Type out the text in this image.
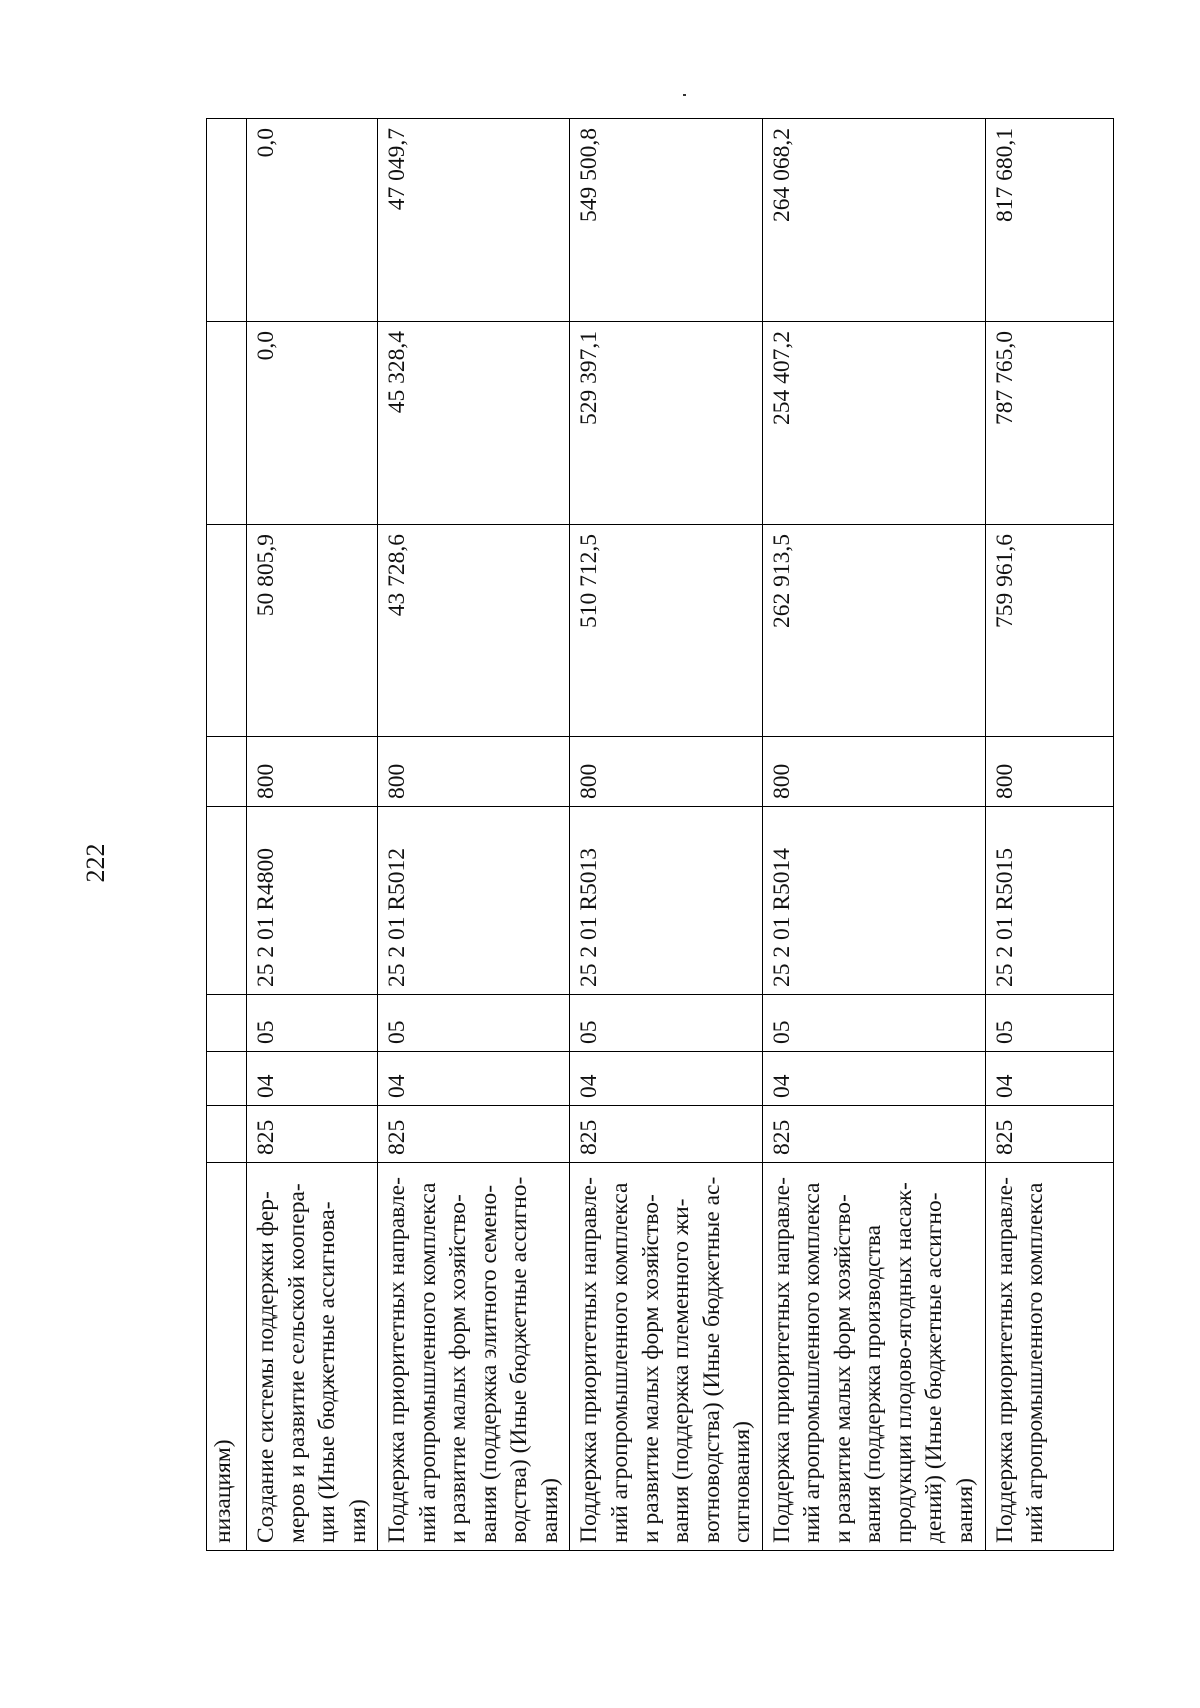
222
низациям)								
Создание системы поддержки фер-меров и развитие сельской коопера-ции (Иные бюджетные ассигнова-ния)	825	04	05	25 2 01 R4800	800	50 805,9	0,0	0,0
Поддержка приоритетных направле-ний агропромышленного комплекса и развитие малых форм хозяйство-вания (поддержка элитного семено-водства) (Иные бюджетные ассигно-вания)	825	04	05	25 2 01 R5012	800	43 728,6	45 328,4	47 049,7
Поддержка приоритетных направле-ний агропромышленного комплекса и развитие малых форм хозяйство-вания (поддержка племенного жи-вотноводства) (Иные бюджетные ас-сигнования)	825	04	05	25 2 01 R5013	800	510 712,5	529 397,1	549 500,8
Поддержка приоритетных направле-ний агропромышленного комплекса и развитие малых форм хозяйство-вания (поддержка производства продукции плодово-ягодных насаж-дений) (Иные бюджетные ассигно-вания)	825	04	05	25 2 01 R5014	800	262 913,5	254 407,2	264 068,2
Поддержка приоритетных направле-ний агропромышленного комплекса	825	04	05	25 2 01 R5015	800	759 961,6	787 765,0	817 680,1
